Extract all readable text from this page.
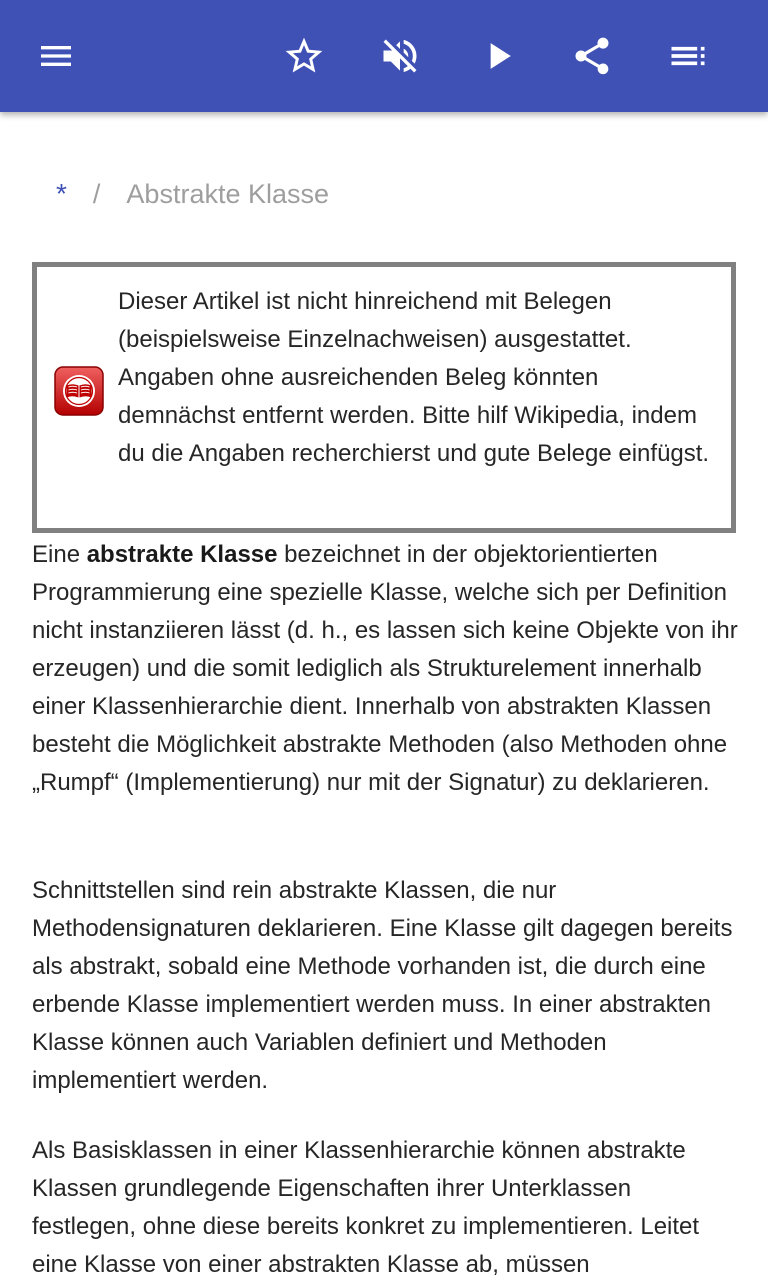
* / Abstrakte Klasse
Dieser Artikel ist nicht hinreichend mit Belegen (beispielsweise Einzelnachweisen) ausgestattet. Angaben ohne ausreichenden Beleg könnten demnächst entfernt werden. Bitte hilf Wikipedia, indem du die Angaben recherchierst und gute Belege einfügst.

Eine abstrakte Klasse bezeichnet in der objektorientierten Programmierung eine spezielle Klasse, welche sich per Definition nicht instanziieren lässt (d. h., es lassen sich keine Objekte von ihr erzeugen) und die somit lediglich als Strukturelement innerhalb einer Klassenhierarchie dient. Innerhalb von abstrakten Klassen besteht die Möglichkeit abstrakte Methoden (also Methoden ohne „Rumpf“ (Implementierung) nur mit der Signatur) zu deklarieren.

Schnittstellen sind rein abstrakte Klassen, die nur Methodensignaturen deklarieren. Eine Klasse gilt dagegen bereits als abstrakt, sobald eine Methode vorhanden ist, die durch eine erbende Klasse implementiert werden muss. In einer abstrakten Klasse können auch Variablen definiert und Methoden implementiert werden.

Als Basisklassen in einer Klassenhierarchie können abstrakte Klassen grundlegende Eigenschaften ihrer Unterklassen festlegen, ohne diese bereits konkret zu implementieren. Leitet eine Klasse von einer abstrakten Klasse ab, müssen
